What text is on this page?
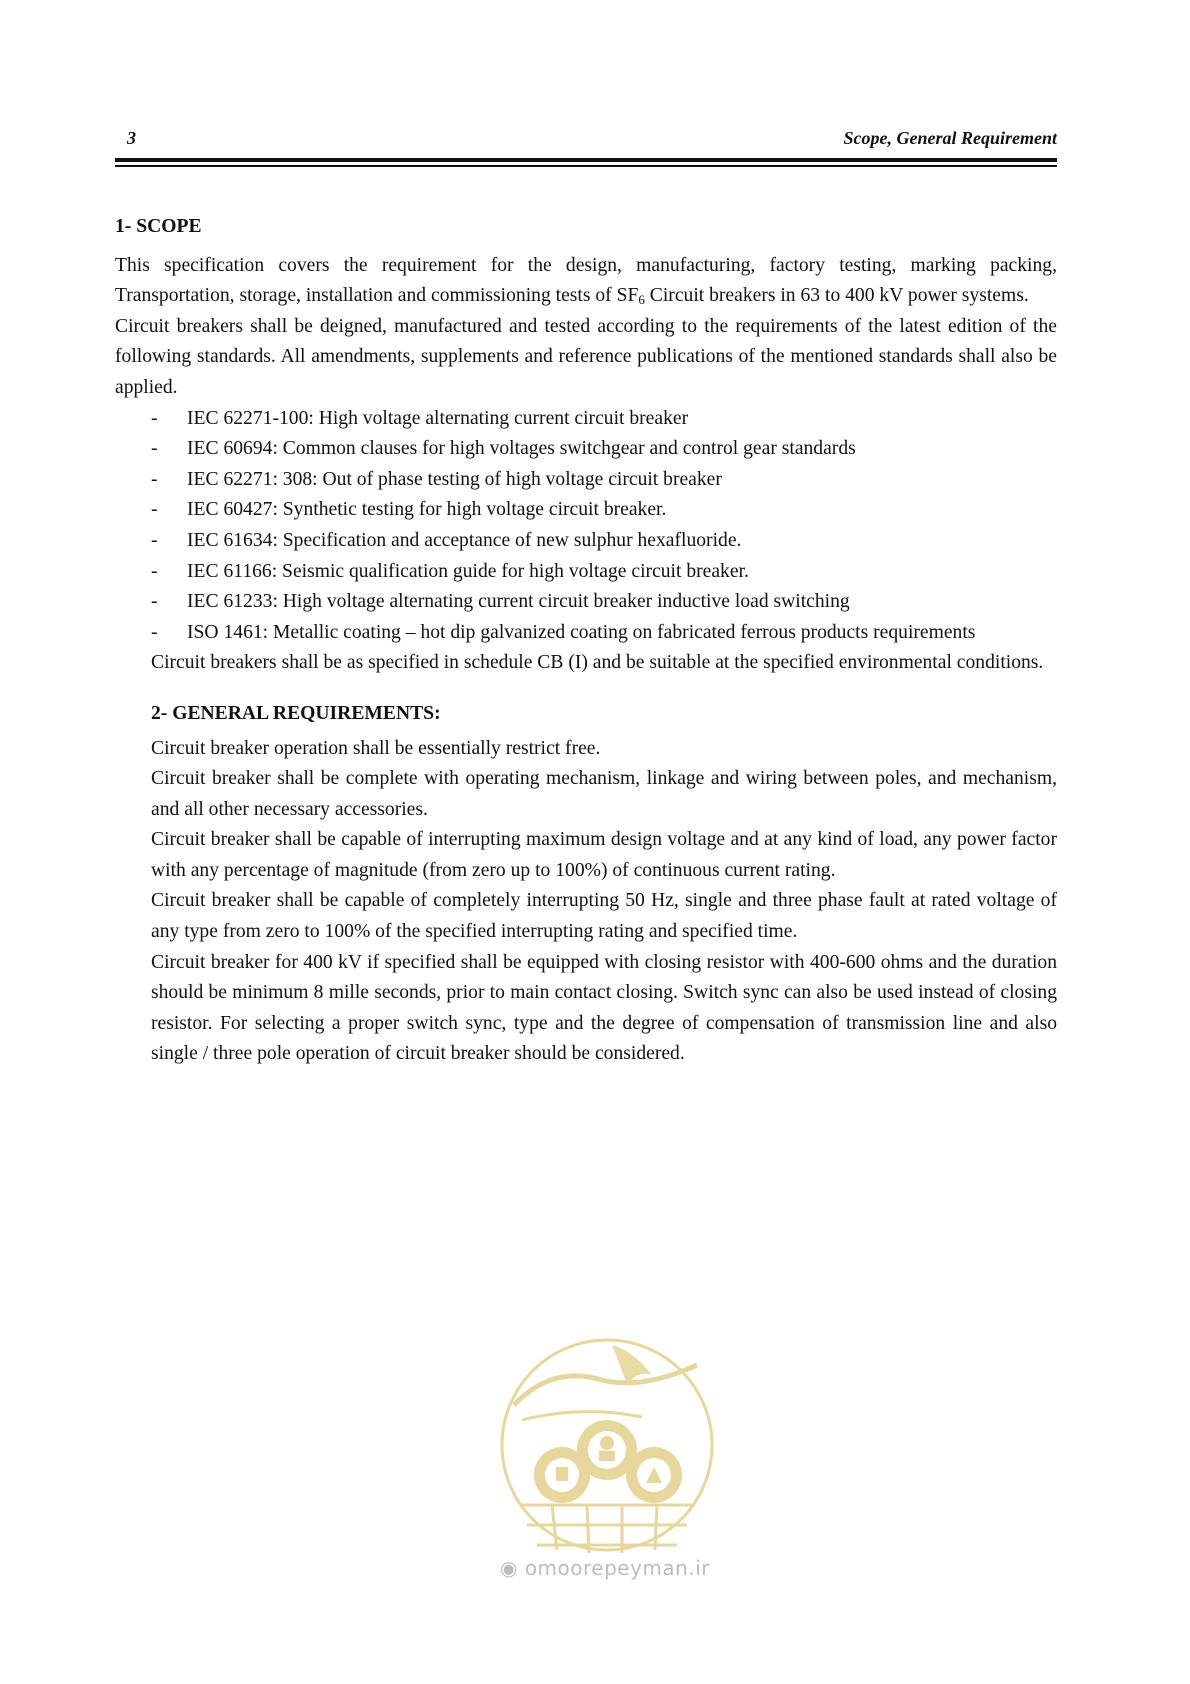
3	Scope, General Requirement
1- SCOPE

This specification covers the requirement for the design, manufacturing, factory testing, marking packing, Transportation, storage, installation and commissioning tests of $SF_6$ Circuit breakers in 63 to 400 kV power systems.

Circuit breakers shall be deigned, manufactured and tested according to the requirements of the latest edition of the following standards. All amendments, supplements and reference publications of the mentioned standards shall also be applied.

- IEC 62271-100: High voltage alternating current circuit breaker
- IEC 60694: Common clauses for high voltages switchgear and control gear standards
- IEC 62271: 308: Out of phase testing of high voltage circuit breaker
- IEC 60427: Synthetic testing for high voltage circuit breaker.
- IEC 61634: Specification and acceptance of new sulphur hexafluoride.
- IEC 61166: Seismic qualification guide for high voltage circuit breaker.
- IEC 61233: High voltage alternating current circuit breaker inductive load switching
- ISO 1461: Metallic coating – hot dip galvanized coating on fabricated ferrous products requirements

Circuit breakers shall be as specified in schedule CB (I) and be suitable at the specified environmental conditions.

2- GENERAL REQUIREMENTS:

Circuit breaker operation shall be essentially restrict free.

Circuit breaker shall be complete with operating mechanism, linkage and wiring between poles, and mechanism, and all other necessary accessories.

Circuit breaker shall be capable of interrupting maximum design voltage and at any kind of load, any power factor with any percentage of magnitude (from zero up to 100%) of continuous current rating.

Circuit breaker shall be capable of completely interrupting 50 Hz, single and three phase fault at rated voltage of any type from zero to 100% of the specified interrupting rating and specified time.

Circuit breaker for 400 kV if specified shall be equipped with closing resistor with 400-600 ohms and the duration should be minimum 8 mille seconds, prior to main contact closing. Switch sync can also be used instead of closing resistor. For selecting a proper switch sync, type and the degree of compensation of transmission line and also single / three pole operation of circuit breaker should be considered.

◉ omoorepeyman.ir
